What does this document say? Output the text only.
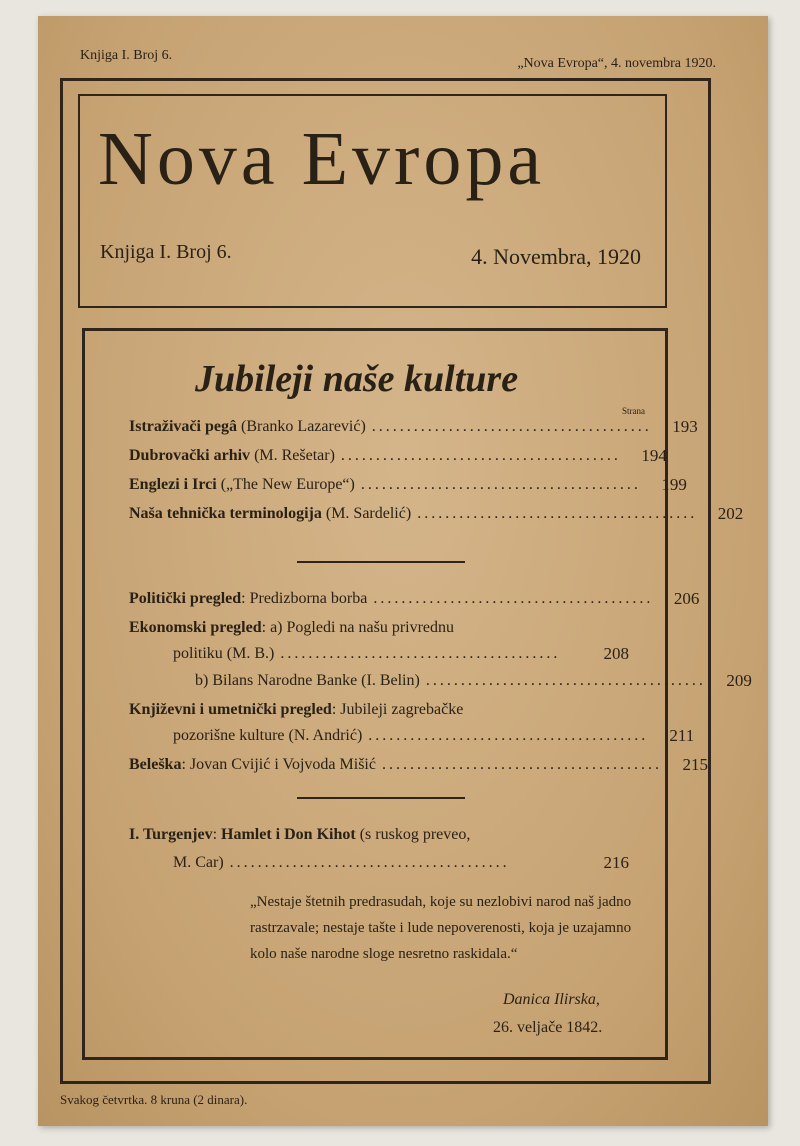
Knjiga I. Broj 6.
„Nova Evropa“, 4. novembra 1920.
Nova Evropa
Knjiga I. Broj 6.	4. Novembra, 1920
Jubileji naše kulture
Strana
Istraživači pegâ (Branko Lazarević) ........................................	193
Dubrovački arhiv (M. Rešetar) ........................................	194
Englezi i Irci („The New Europe“) ........................................	199
Naša tehnička terminologija (M. Sardelić) ........................................	202
Politički pregled: Predizborna borba ........................................	206
Ekonomski pregled: a) Pogledi na našu privrednu
politiku (M. B.) ........................................	208
b) Bilans Narodne Banke (I. Belin) ........................................	209
Književni i umetnički pregled: Jubileji zagrebačke
pozorišne kulture (N. Andrić) ........................................	211
Beleška: Jovan Cvijić i Vojvoda Mišić ........................................	215
I. Turgenjev: Hamlet i Don Kihot (s ruskog preveo,
M. Car) ........................................	216
„Nestaje štetnih predrasudah, koje su nezlobivi narod naš jadno rastrzavale; nestaje tašte i lude nepoverenosti, koja je uzajamno kolo naše narodne sloge nesretno raskidala.“
Danica Ilirska,
26. veljače 1842.
Svakog četvrtka. 8 kruna (2 dinara).
